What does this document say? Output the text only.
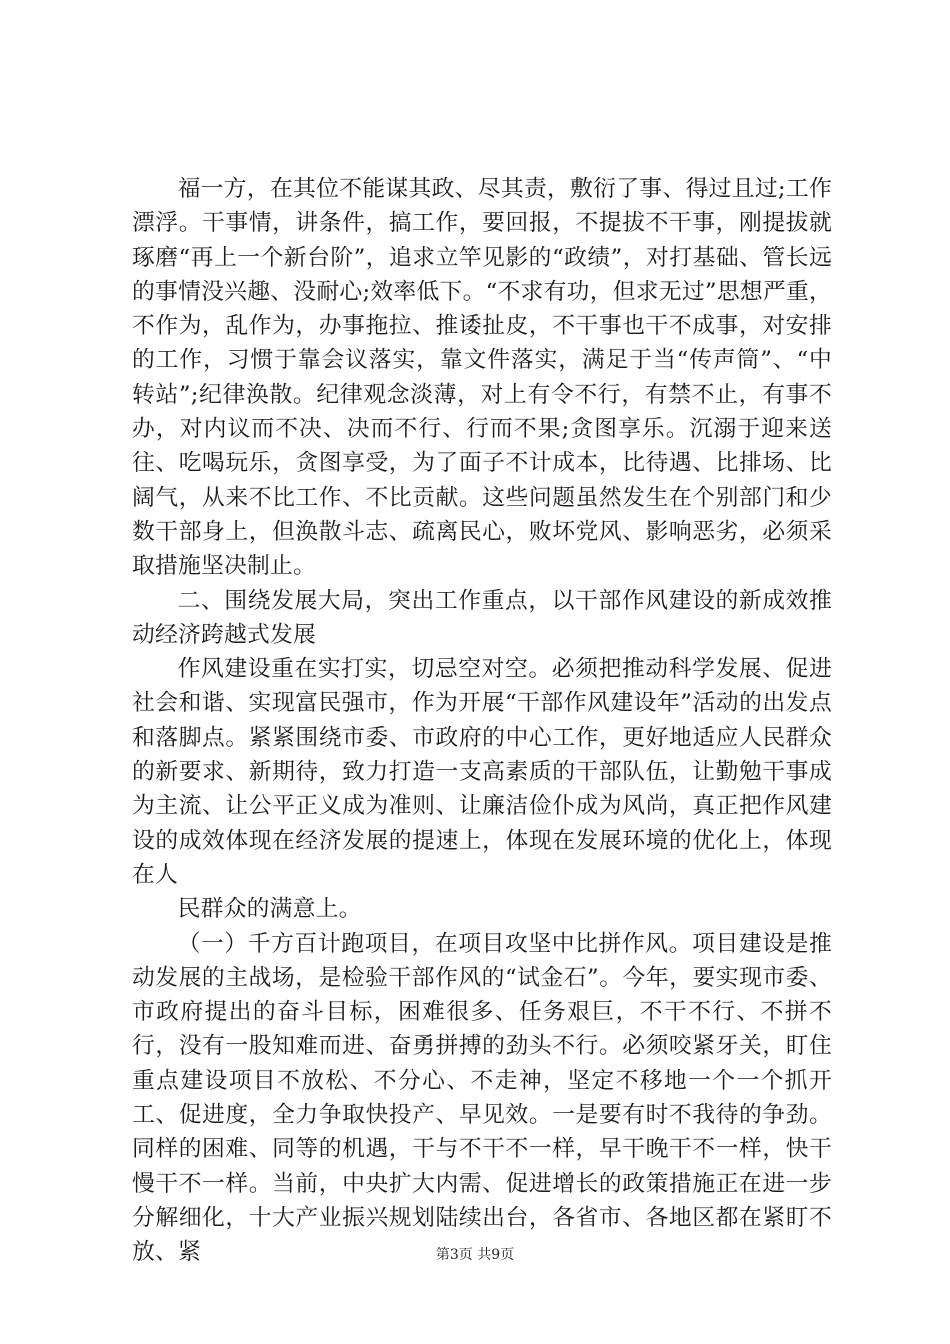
福一方，在其位不能谋其政、尽其责，敷衍了事、得过且过;工作漂浮。干事情，讲条件，搞工作，要回报，不提拔不干事，刚提拔就琢磨“再上一个新台阶”，追求立竿见影的“政绩”，对打基础、管长远的事情没兴趣、没耐心;效率低下。“不求有功，但求无过”思想严重，不作为，乱作为，办事拖拉、推诿扯皮，不干事也干不成事，对安排的工作，习惯于靠会议落实，靠文件落实，满足于当“传声筒”、“中转站”;纪律涣散。纪律观念淡薄，对上有令不行，有禁不止，有事不办，对内议而不决、决而不行、行而不果;贪图享乐。沉溺于迎来送往、吃喝玩乐，贪图享受，为了面子不计成本，比待遇、比排场、比阔气，从来不比工作、不比贡献。这些问题虽然发生在个别部门和少数干部身上，但涣散斗志、疏离民心，败坏党风、影响恶劣，必须采取措施坚决制止。

二、围绕发展大局，突出工作重点，以干部作风建设的新成效推动经济跨越式发展

作风建设重在实打实，切忌空对空。必须把推动科学发展、促进社会和谐、实现富民强市，作为开展“干部作风建设年”活动的出发点和落脚点。紧紧围绕市委、市政府的中心工作，更好地适应人民群众的新要求、新期待，致力打造一支高素质的干部队伍，让勤勉干事成为主流、让公平正义成为准则、让廉洁俭仆成为风尚，真正把作风建设的成效体现在经济发展的提速上，体现在发展环境的优化上，体现在人

民群众的满意上。

（一）千方百计跑项目，在项目攻坚中比拼作风。项目建设是推动发展的主战场，是检验干部作风的“试金石”。今年，要实现市委、市政府提出的奋斗目标，困难很多、任务艰巨，不干不行、不拼不行，没有一股知难而进、奋勇拼搏的劲头不行。必须咬紧牙关，盯住重点建设项目不放松、不分心、不走神，坚定不移地一个一个抓开工、促进度，全力争取快投产、早见效。一是要有时不我待的争劲。同样的困难、同等的机遇，干与不干不一样，早干晚干不一样，快干慢干不一样。当前，中央扩大内需、促进增长的政策措施正在进一步分解细化，十大产业振兴规划陆续出台，各省市、各地区都在紧盯不放、紧	第3页 共9页
